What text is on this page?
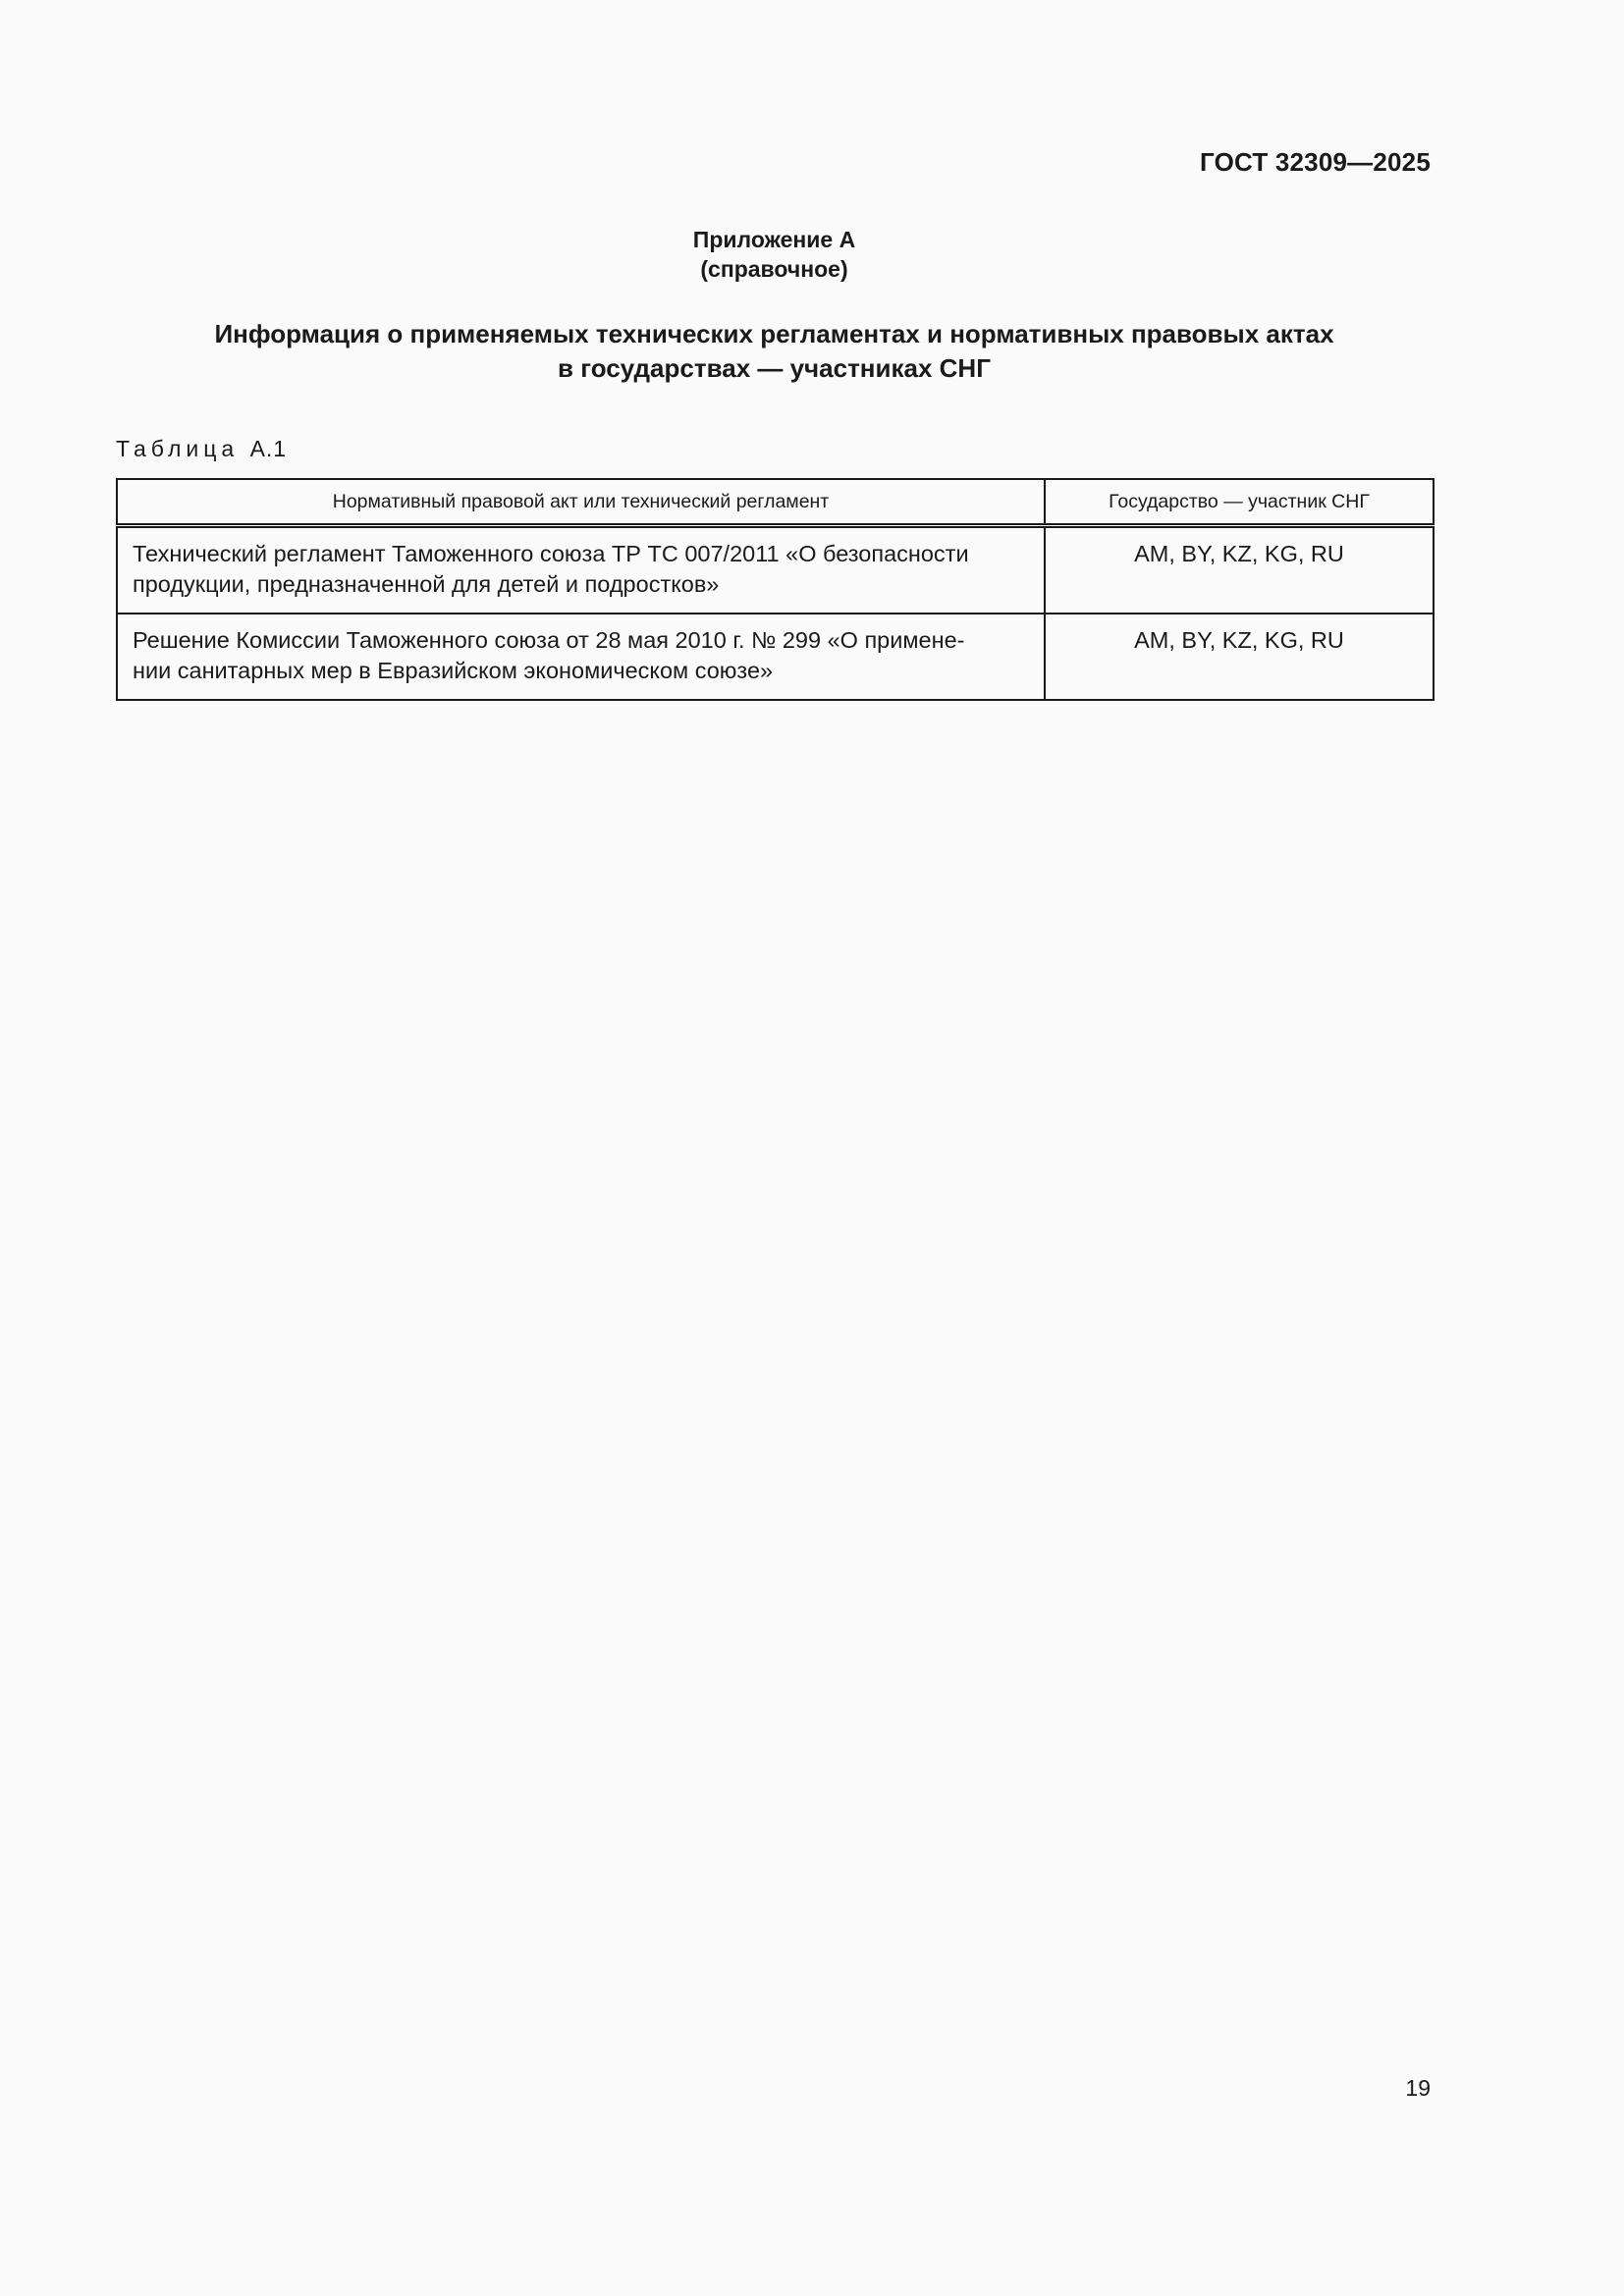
ГОСТ 32309—2025
Приложение А
(справочное)
Информация о применяемых технических регламентах и нормативных правовых актах
в государствах — участниках СНГ
Таблица А.1
Нормативный правовой акт или технический регламент	Государство — участник СНГ

Технический регламент Таможенного союза ТР ТС 007/2011 «О безопасности
продукции, предназначенной для детей и подростков»	AM, BY, KZ, KG, RU

Решение Комиссии Таможенного союза от 28 мая 2010 г. № 299 «О примене-
нии санитарных мер в Евразийском экономическом союзе»	AM, BY, KZ, KG, RU
19
